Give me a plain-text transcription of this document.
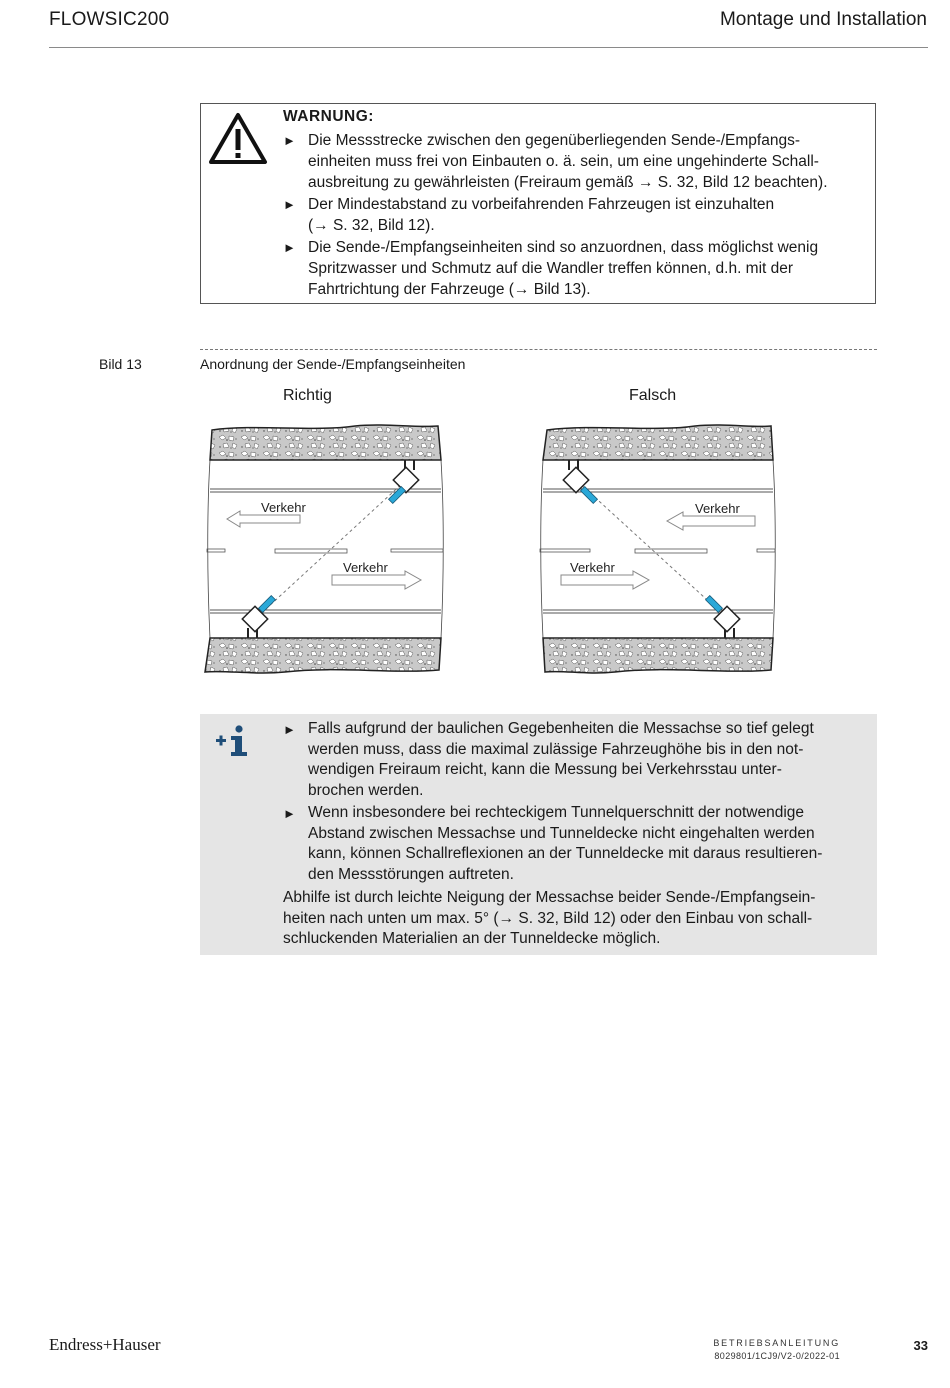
FLOWSIC200	Montage und Installation
WARNUNG:
► Die Messstrecke zwischen den gegenüberliegenden Sende-/Empfangs-
einheiten muss frei von Einbauten o. ä. sein, um eine ungehinderte Schall-
ausbreitung zu gewährleisten (Freiraum gemäß → S. 32, Bild 12 beachten).
► Der Mindestabstand zu vorbeifahrenden Fahrzeugen ist einzuhalten
(→ S. 32, Bild 12).
► Die Sende-/Empfangseinheiten sind so anzuordnen, dass möglichst wenig
Spritzwasser und Schmutz auf die Wandler treffen können, d.h. mit der
Fahrtrichtung der Fahrzeuge (→ Bild 13).
Bild 13	Anordnung der Sende-/Empfangseinheiten
Richtig	Falsch
Verkehr
Verkehr
Verkehr
Verkehr
► Falls aufgrund der baulichen Gegebenheiten die Messachse so tief gelegt
werden muss, dass die maximal zulässige Fahrzeughöhe bis in den not-
wendigen Freiraum reicht, kann die Messung bei Verkehrsstau unter-
brochen werden.
► Wenn insbesondere bei rechteckigem Tunnelquerschnitt der notwendige
Abstand zwischen Messachse und Tunneldecke nicht eingehalten werden
kann, können Schallreflexionen an der Tunneldecke mit daraus resultieren-
den Messstörungen auftreten.
Abhilfe ist durch leichte Neigung der Messachse beider Sende-/Empfangsein-
heiten nach unten um max. 5° (→ S. 32, Bild 12) oder den Einbau von schall-
schluckenden Materialien an der Tunneldecke möglich.
Endress+Hauser	BETRIEBSANLEITUNG
8029801/1CJ9/V2-0/2022-01
33
